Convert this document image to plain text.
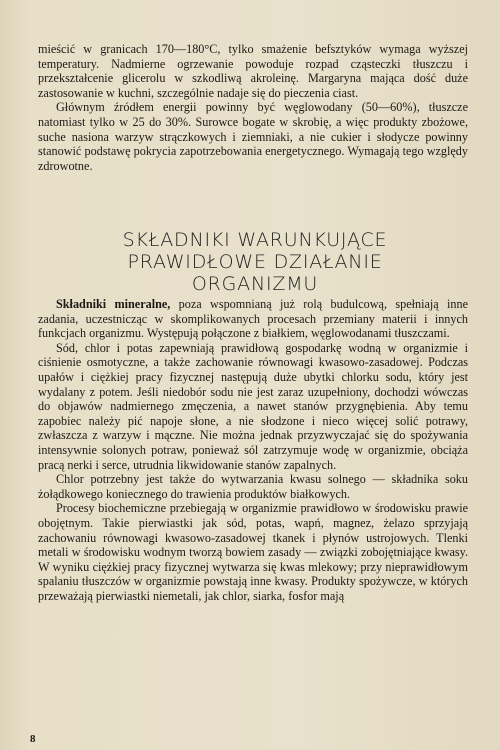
mieścić w granicach 170—180°C, tylko smażenie befsztyków wymaga wyższej temperatury. Nadmierne ogrzewanie powoduje rozpad cząsteczki tłuszczu i przekształcenie glicerolu w szkodliwą akroleinę. Margaryna mająca dość duże zastosowanie w kuchni, szczególnie nadaje się do pieczenia ciast.

Głównym źródłem energii powinny być węglowodany (50—60%), tłuszcze natomiast tylko w 25 do 30%. Surowce bogate w skrobię, a więc produkty zbożowe, suche nasiona warzyw strączkowych i ziemniaki, a nie cukier i słodycze powinny stanowić podstawę pokrycia zapotrzebowania energetycznego. Wymagają tego względy zdrowotne.

SKŁADNIKI WARUNKUJĄCE
PRAWIDŁOWE DZIAŁANIE
ORGANIZMU

Składniki mineralne, poza wspomnianą już rolą budulcową, spełniają inne zadania, uczestnicząc w skomplikowanych procesach przemiany materii i innych funkcjach organizmu. Występują połączone z białkiem, węglowodanami tłuszczami.

Sód, chlor i potas zapewniają prawidłową gospodarkę wodną w organizmie i ciśnienie osmotyczne, a także zachowanie równowagi kwasowo-zasadowej. Podczas upałów i ciężkiej pracy fizycznej następują duże ubytki chlorku sodu, który jest wydalany z potem. Jeśli niedobór sodu nie jest zaraz uzupełniony, dochodzi wówczas do objawów nadmiernego zmęczenia, a nawet stanów przygnębienia. Aby temu zapobiec należy pić napoje słone, a nie słodzone i nieco więcej solić potrawy, zwłaszcza z warzyw i mączne. Nie można jednak przyzwyczajać się do spożywania intensywnie solonych potraw, ponieważ sól zatrzymuje wodę w organizmie, obciąża pracą nerki i serce, utrudnia likwidowanie stanów zapalnych.

Chlor potrzebny jest także do wytwarzania kwasu solnego — składnika soku żołądkowego koniecznego do trawienia produktów białkowych.

Procesy biochemiczne przebiegają w organizmie prawidłowo w środowisku prawie obojętnym. Takie pierwiastki jak sód, potas, wapń, magnez, żelazo sprzyjają zachowaniu równowagi kwasowo-zasadowej tkanek i płynów ustrojowych. Tlenki metali w środowisku wodnym tworzą bowiem zasady — związki zobojętniające kwasy. W wyniku ciężkiej pracy fizycznej wytwarza się kwas mlekowy; przy nieprawidłowym spalaniu tłuszczów w organizmie powstają inne kwasy. Produkty spożywcze, w których przeważają pierwiastki niemetali, jak chlor, siarka, fosfor mają

8
